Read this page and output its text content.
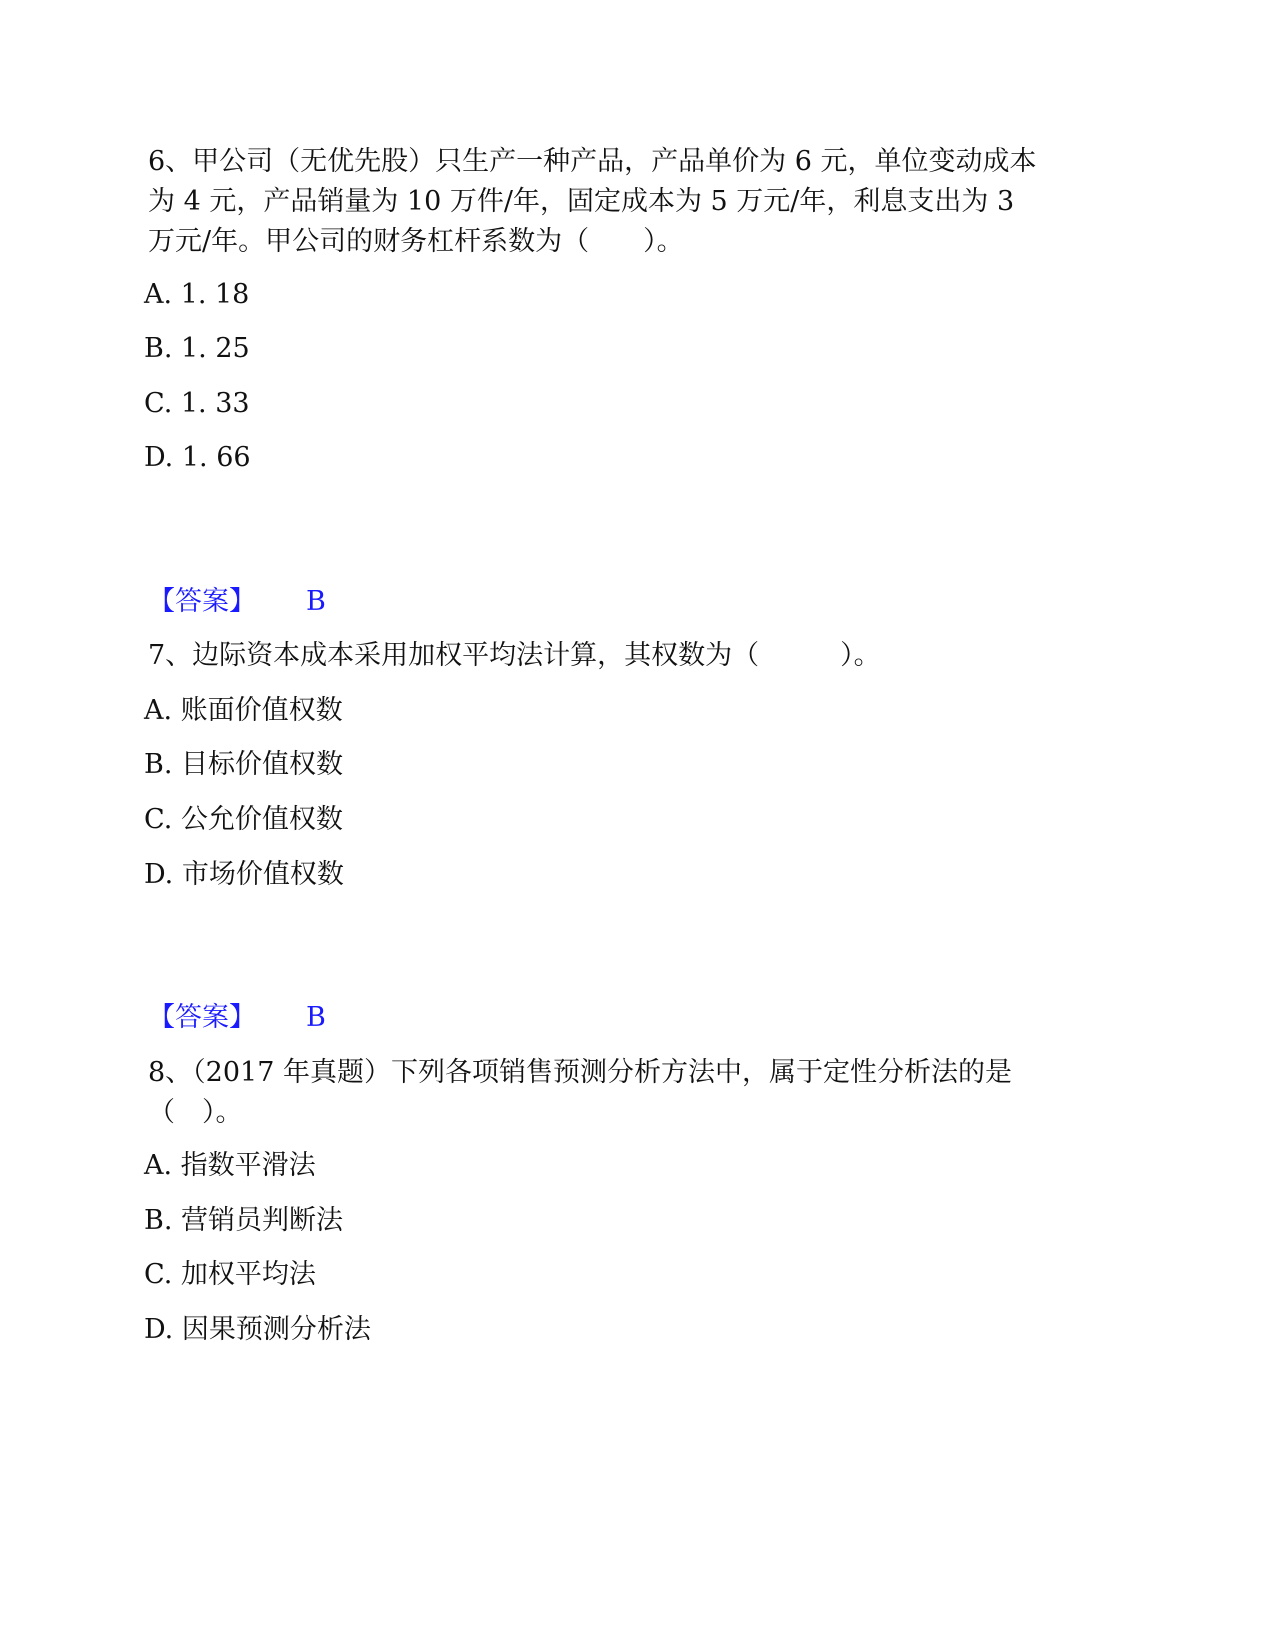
6、甲公司（无优先股）只生产一种产品，产品单价为 6 元，单位变动成本为 4 元，产品销量为 10 万件/年，固定成本为 5 万元/年，利息支出为 3 万元/年。甲公司的财务杠杆系数为（　　）。

A. 1. 18

B. 1. 25

C. 1. 33

D. 1. 66

【答案】 B

7、边际资本成本采用加权平均法计算，其权数为（　　　）。

A. 账面价值权数

B. 目标价值权数

C. 公允价值权数

D. 市场价值权数

【答案】 B

8、（2017 年真题）下列各项销售预测分析方法中，属于定性分析法的是（　）。

A. 指数平滑法

B. 营销员判断法

C. 加权平均法

D. 因果预测分析法
